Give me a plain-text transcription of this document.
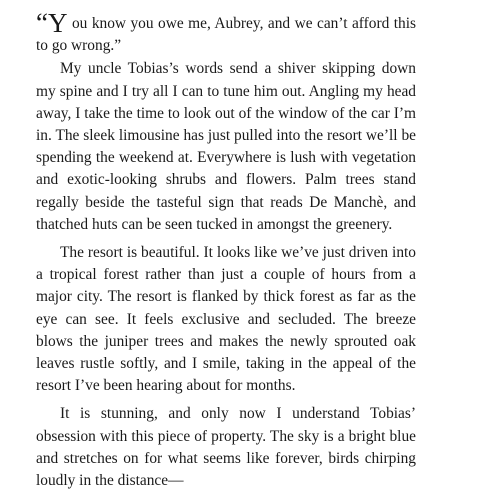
“Y ou know you owe me, Aubrey, and we can’t afford this to go wrong.”

My uncle Tobias’s words send a shiver skipping down my spine and I try all I can to tune him out. Angling my head away, I take the time to look out of the window of the car I’m in. The sleek limousine has just pulled into the resort we’ll be spending the weekend at. Everywhere is lush with vegetation and exotic-looking shrubs and flowers. Palm trees stand regally beside the tasteful sign that reads De Manchè, and thatched huts can be seen tucked in amongst the greenery.

The resort is beautiful. It looks like we’ve just driven into a tropical forest rather than just a couple of hours from a major city. The resort is flanked by thick forest as far as the eye can see. It feels exclusive and secluded. The breeze blows the juniper trees and makes the newly sprouted oak leaves rustle softly, and I smile, taking in the appeal of the resort I’ve been hearing about for months.

It is stunning, and only now I understand Tobias’ obsession with this piece of property. The sky is a bright blue and stretches on for what seems like forever, birds chirping loudly in the distance—
